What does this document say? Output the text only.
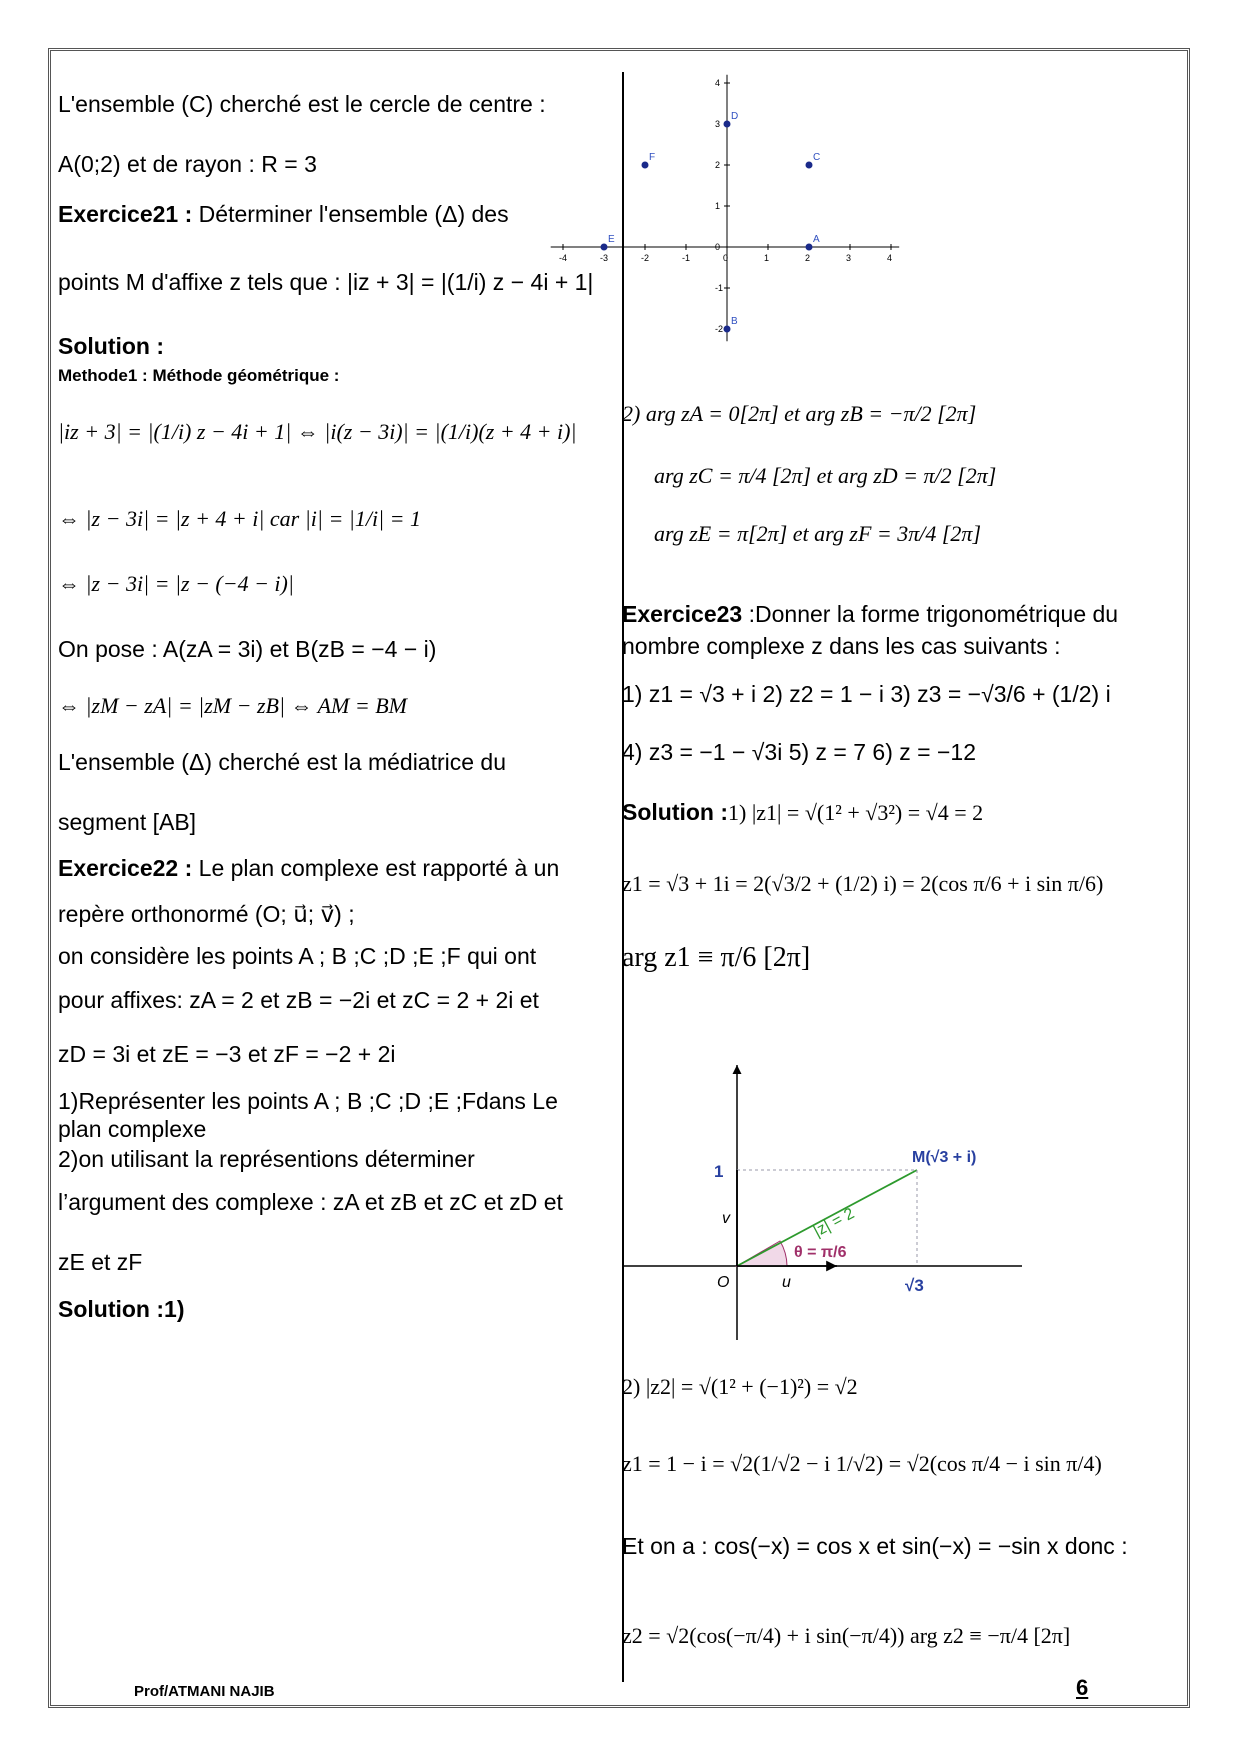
L'ensemble (C) cherché est le cercle de centre :
A(0;2) et de rayon : R = 3
Exercice21 : Déterminer l'ensemble (Δ) des
points M d'affixe z tels que : |iz + 3| = |(1/i) z − 4i + 1|
Solution :
Methode1 : Méthode géométrique :
|iz + 3| = |(1/i) z − 4i + 1| ⇔ |i(z − 3i)| = |(1/i)(z + 4 + i)|
⇔ |z − 3i| = |z + 4 + i| car |i| = |1/i| = 1
⇔ |z − 3i| = |z − (−4 − i)|
On pose : A(zA = 3i) et B(zB = −4 − i)
⇔ |zM − zA| = |zM − zB| ⇔ AM = BM
L'ensemble (Δ) cherché est la médiatrice du
segment [AB]
Exercice22 : Le plan complexe est rapporté à un
repère orthonormé (O; u⃗; v⃗) ;
on considère les points A ; B ;C ;D ;E ;F qui ont
pour affixes: zA = 2 et zB = −2i et zC = 2 + 2i et
zD = 3i et zE = −3 et zF = −2 + 2i
1)Représenter les points A ; B ;C ;D ;E ;Fdans Le
plan complexe
2)on utilisant la représentions déterminer
l’argument des complexe : zA et zB et zC et zD et
zE et zF
Solution :1)
-4	-3	-2	-1	0	1	2	3	4
4
3
2
1
0
-1
-2
A
B
C
D
E
F
2) arg zA = 0[2π] et arg zB = −π/2 [2π]
arg zC = π/4 [2π] et arg zD = π/2 [2π]
arg zE = π[2π] et arg zF = 3π/4 [2π]
Exercice23 :Donner la forme trigonométrique du
nombre complexe z dans les cas suivants :
1) z1 = √3 + i 2) z2 = 1 − i 3) z3 = −√3/6 + (1/2) i
4) z3 = −1 − √3i 5) z = 7 6) z = −12
Solution :1) |z1| = √(1² + √3²) = √4 = 2
z1 = √3 + 1i = 2(√3/2 + (1/2) i) = 2(cos π/6 + i sin π/6)
arg z1 ≡ π/6 [2π]
2) |z2| = √(1² + (−1)²) = √2
z1 = 1 − i = √2(1/√2 − i 1/√2) = √2(cos π/4 − i sin π/4)
Et on a : cos(−x) = cos x et sin(−x) = −sin x donc :
z2 = √2(cos(−π/4) + i sin(−π/4)) arg z2 ≡ −π/4 [2π]
1
√3
M(√3 + i)
|z| = 2
θ = π/6
O	u
v
Prof/ATMANI NAJIB	6
